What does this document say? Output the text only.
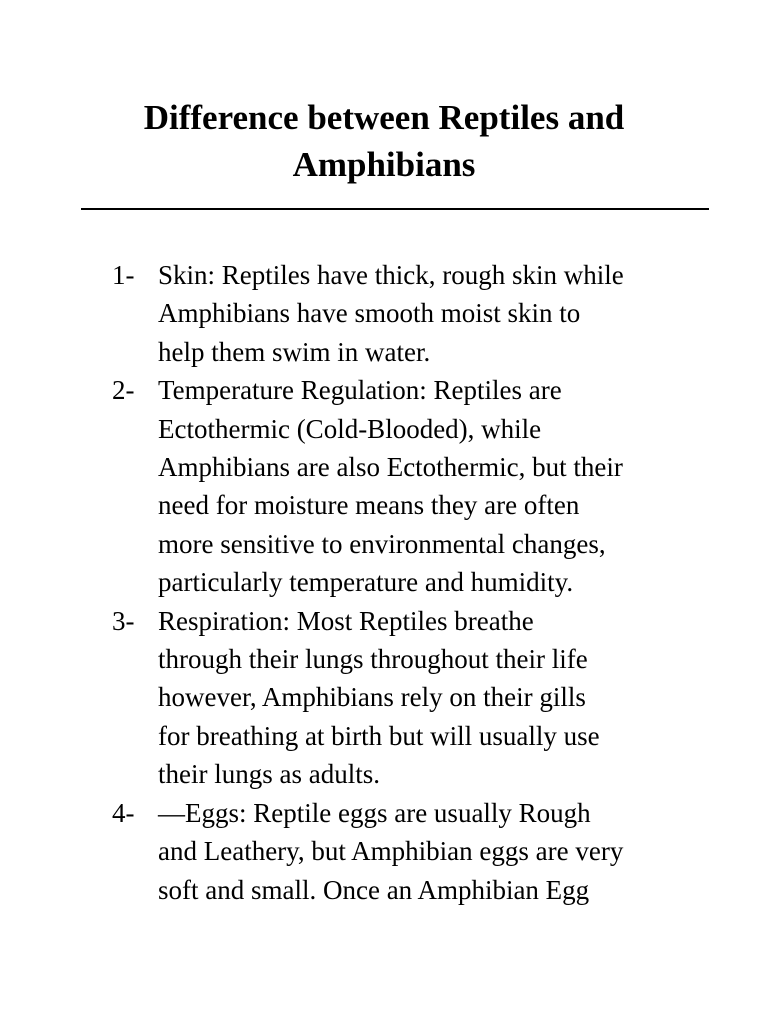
Difference between Reptiles and
Amphibians
1- Skin: Reptiles have thick, rough skin while
Amphibians have smooth moist skin to
help them swim in water.
2- Temperature Regulation: Reptiles are
Ectothermic (Cold-Blooded), while
Amphibians are also Ectothermic, but their
need for moisture means they are often
more sensitive to environmental changes,
particularly temperature and humidity.
3- Respiration: Most Reptiles breathe
through their lungs throughout their life
however, Amphibians rely on their gills
for breathing at birth but will usually use
their lungs as adults.
4- —Eggs: Reptile eggs are usually Rough
and Leathery, but Amphibian eggs are very
soft and small. Once an Amphibian Egg
